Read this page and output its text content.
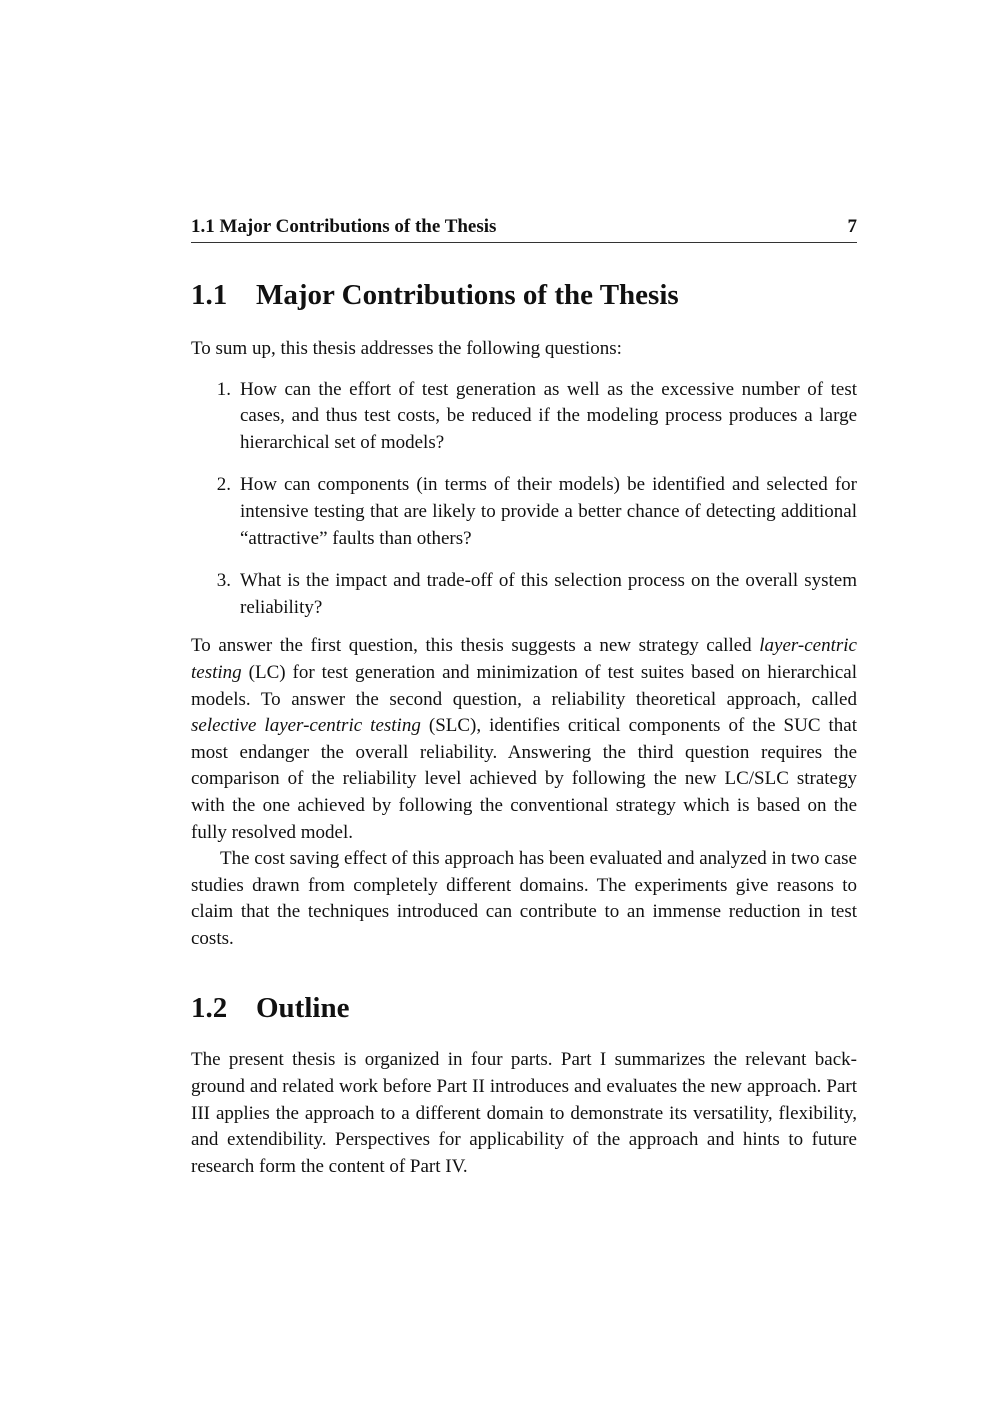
1.1 Major Contributions of the Thesis	7
1.1 Major Contributions of the Thesis

To sum up, this thesis addresses the following questions:

1. How can the effort of test generation as well as the excessive number of test cases, and thus test costs, be reduced if the modeling process produces a large hierarchical set of models?
2. How can components (in terms of their models) be identified and selected for intensive testing that are likely to provide a better chance of detecting additional “attractive” faults than others?
3. What is the impact and trade-off of this selection process on the overall system reliability?

To answer the first question, this thesis suggests a new strategy called layer-centric testing (LC) for test generation and minimization of test suites based on hierarchical models. To answer the second question, a reliability theoretical approach, called selective layer-centric testing (SLC), identifies critical components of the SUC that most endanger the overall reliability. Answering the third question requires the comparison of the reliability level achieved by following the new LC/SLC strategy with the one achieved by following the conventional strategy which is based on the fully resolved model.

The cost saving effect of this approach has been evaluated and analyzed in two case studies drawn from completely different domains. The experiments give reasons to claim that the techniques introduced can contribute to an immense reduction in test costs.

1.2 Outline

The present thesis is organized in four parts. Part I summarizes the relevant background and related work before Part II introduces and evaluates the new approach. Part III applies the approach to a different domain to demonstrate its versatility, flexibility, and extendibility. Perspectives for applicability of the approach and hints to future research form the content of Part IV.
